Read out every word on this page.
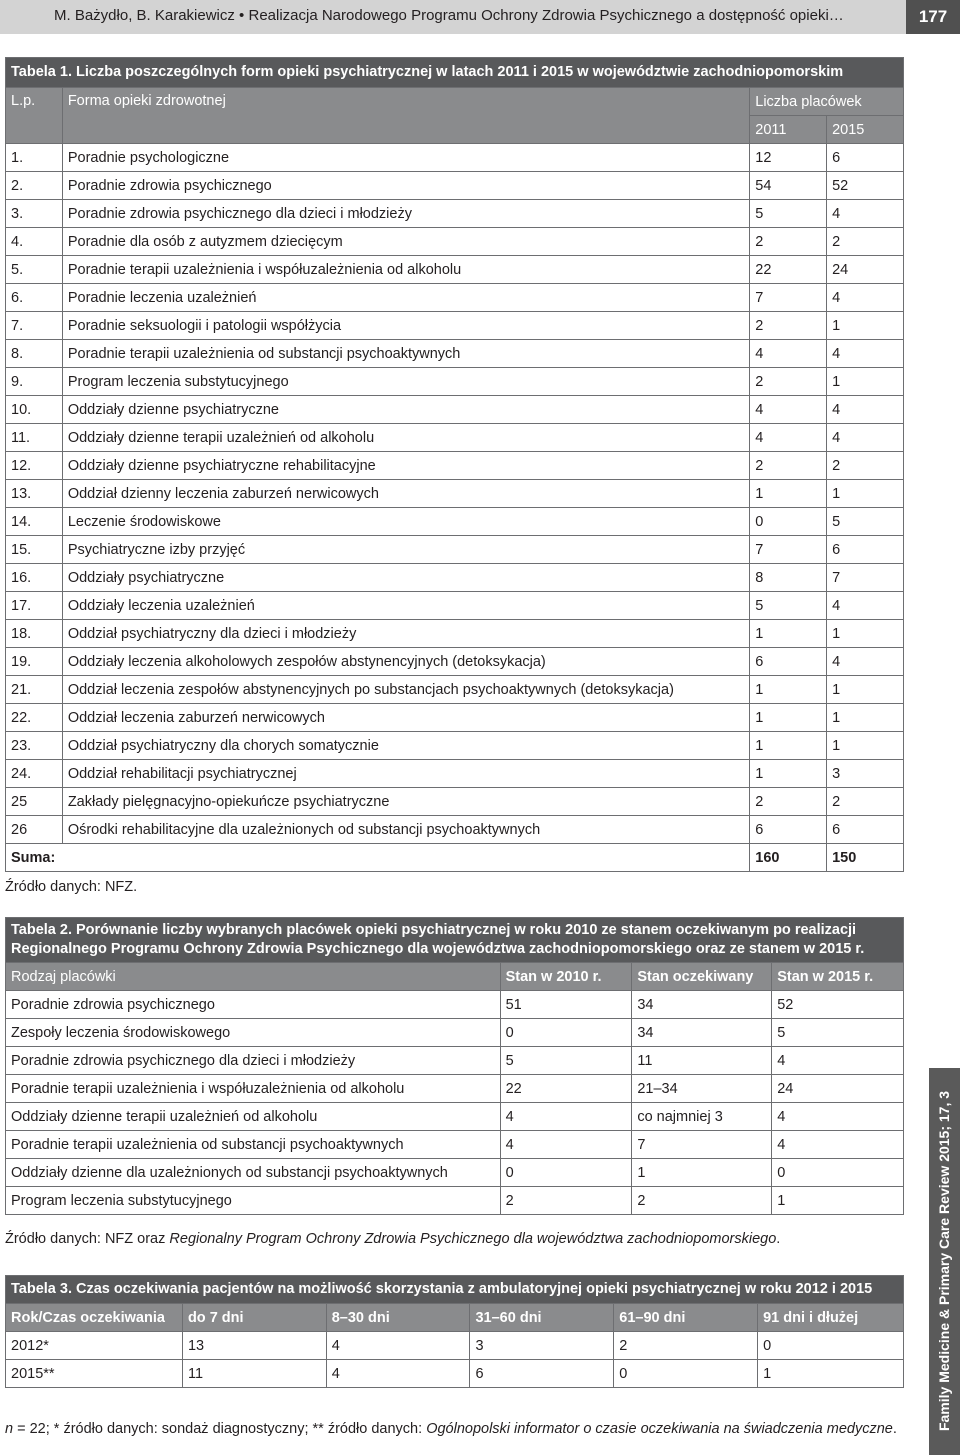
M. Bażydło, B. Karakiewicz • Realizacja Narodowego Programu Ochrony Zdrowia Psychicznego a dostępność opieki…	177
Tabela 1. Liczba poszczególnych form opieki psychiatrycznej w latach 2011 i 2015 w województwie zachodniopomorskim			
L.p.	Forma opieki zdrowotnej	Liczba placówek	
		2011	2015
1.	Poradnie psychologiczne	12	6
2.	Poradnie zdrowia psychicznego	54	52
3.	Poradnie zdrowia psychicznego dla dzieci i młodzieży	5	4
4.	Poradnie dla osób z autyzmem dziecięcym	2	2
5.	Poradnie terapii uzależnienia i współuzależnienia od alkoholu	22	24
6.	Poradnie leczenia uzależnień	7	4
7.	Poradnie seksuologii i patologii współżycia	2	1
8.	Poradnie terapii uzależnienia od substancji psychoaktywnych	4	4
9.	Program leczenia substytucyjnego	2	1
10.	Oddziały dzienne psychiatryczne	4	4
11.	Oddziały dzienne terapii uzależnień od alkoholu	4	4
12.	Oddziały dzienne psychiatryczne rehabilitacyjne	2	2
13.	Oddział dzienny leczenia zaburzeń nerwicowych	1	1
14.	Leczenie środowiskowe	0	5
15.	Psychiatryczne izby przyjęć	7	6
16.	Oddziały psychiatryczne	8	7
17.	Oddziały leczenia uzależnień	5	4
18.	Oddział psychiatryczny dla dzieci i młodzieży	1	1
19.	Oddziały leczenia alkoholowych zespołów abstynencyjnych (detoksykacja)	6	4
21.	Oddział leczenia zespołów abstynencyjnych po substancjach psychoaktywnych (detoksykacja)	1	1
22.	Oddział leczenia zaburzeń nerwicowych	1	1
23.	Oddział psychiatryczny dla chorych somatycznie	1	1
24.	Oddział rehabilitacji psychiatrycznej	1	3
25	Zakłady pielęgnacyjno-opiekuńcze psychiatryczne	2	2
26	Ośrodki rehabilitacyjne dla uzależnionych od substancji psychoaktywnych	6	6
Suma:		160	150
Źródło danych: NFZ.
Tabela 2. Porównanie liczby wybranych placówek opieki psychiatrycznej w roku 2010 ze stanem oczekiwanym po realizacji Regionalnego Programu Ochrony Zdrowia Psychicznego dla województwa zachodniopomorskiego oraz ze stanem w 2015 r.			
Rodzaj placówki	Stan w 2010 r.	Stan oczekiwany	Stan w 2015 r.
Poradnie zdrowia psychicznego	51	34	52
Zespoły leczenia środowiskowego	0	34	5
Poradnie zdrowia psychicznego dla dzieci i młodzieży	5	11	4
Poradnie terapii uzależnienia i współuzależnienia od alkoholu	22	21–34	24
Oddziały dzienne terapii uzależnień od alkoholu	4	co najmniej 3	4
Poradnie terapii uzależnienia od substancji psychoaktywnych	4	7	4
Oddziały dzienne dla uzależnionych od substancji psychoaktywnych	0	1	0
Program leczenia substytucyjnego	2	2	1
Źródło danych: NFZ oraz Regionalny Program Ochrony Zdrowia Psychicznego dla województwa zachodniopomorskiego.
Tabela 3. Czas oczekiwania pacjentów na możliwość skorzystania z ambulatoryjnej opieki psychiatrycznej w roku 2012 i 2015					
Rok/Czas oczekiwania	do 7 dni	8–30 dni	31–60 dni	61–90 dni	91 dni i dłużej
2012*	13	4	3	2	0
2015**	11	4	6	0	1
n = 22; * źródło danych: sondaż diagnostyczny; ** źródło danych: Ogólnopolski informator o czasie oczekiwania na świadczenia medyczne.	Family Medicine & Primary Care Review 2015; 17, 3
